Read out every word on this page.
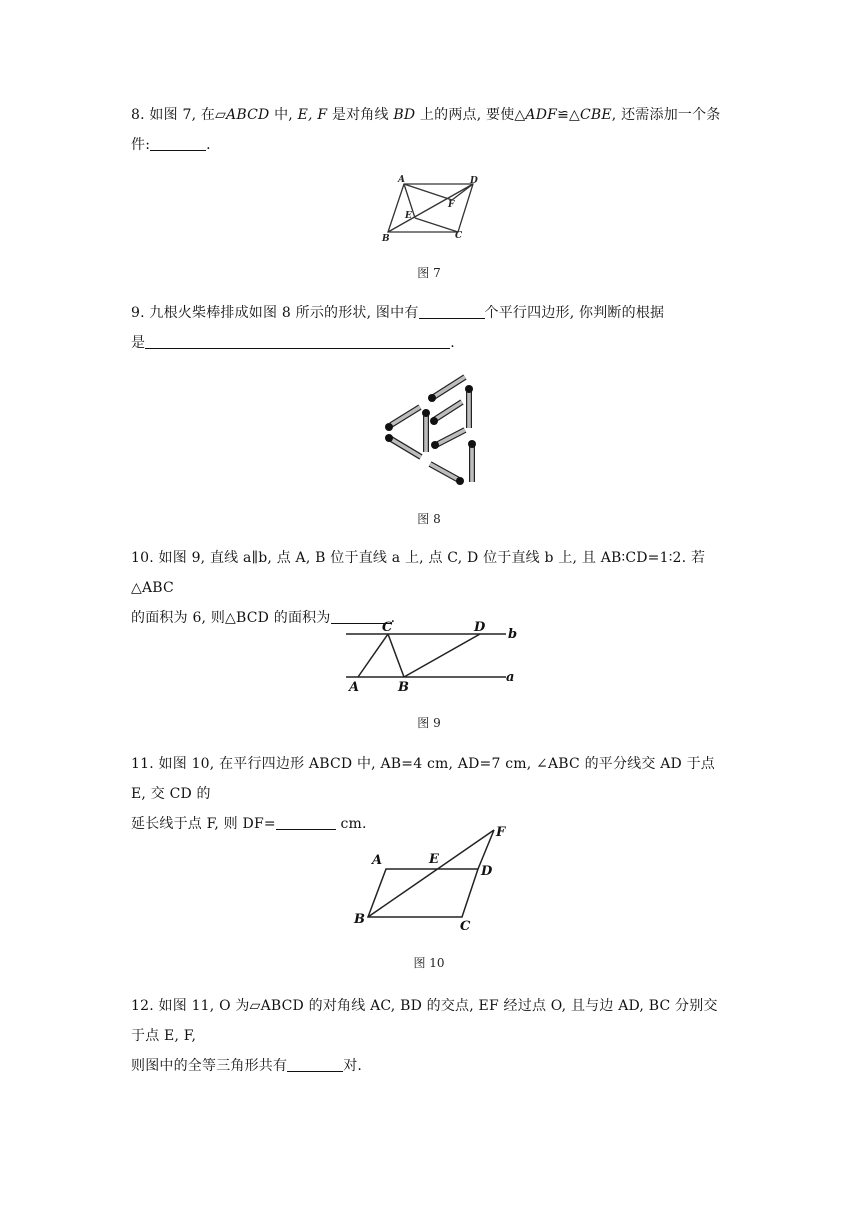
8. 如图 7, 在▱ABCD 中, E, F 是对角线 BD 上的两点, 要使△ADF≌△CBE, 还需添加一个条
件:	.
A	D
B	C
E
F
图 7
9. 九根火柴棒排成如图 8 所示的形状, 图中有	个平行四边形, 你判断的根据
是	.
图 8
10. 如图 9, 直线 a∥b, 点 A, B 位于直线 a 上, 点 C, D 位于直线 b 上, 且 AB∶CD=1∶2. 若△ABC
的面积为 6, 则△BCD 的面积为	.
C	D b
a
A	B
图 9
11. 如图 10, 在平行四边形 ABCD 中, AB=4 cm, AD=7 cm, ∠ABC 的平分线交 AD 于点 E, 交 CD 的
延长线于点 F, 则 DF=	cm.
A	E
D
F
B	C
图 10
12. 如图 11, O 为▱ABCD 的对角线 AC, BD 的交点, EF 经过点 O, 且与边 AD, BC 分别交于点 E, F,
则图中的全等三角形共有	对.
